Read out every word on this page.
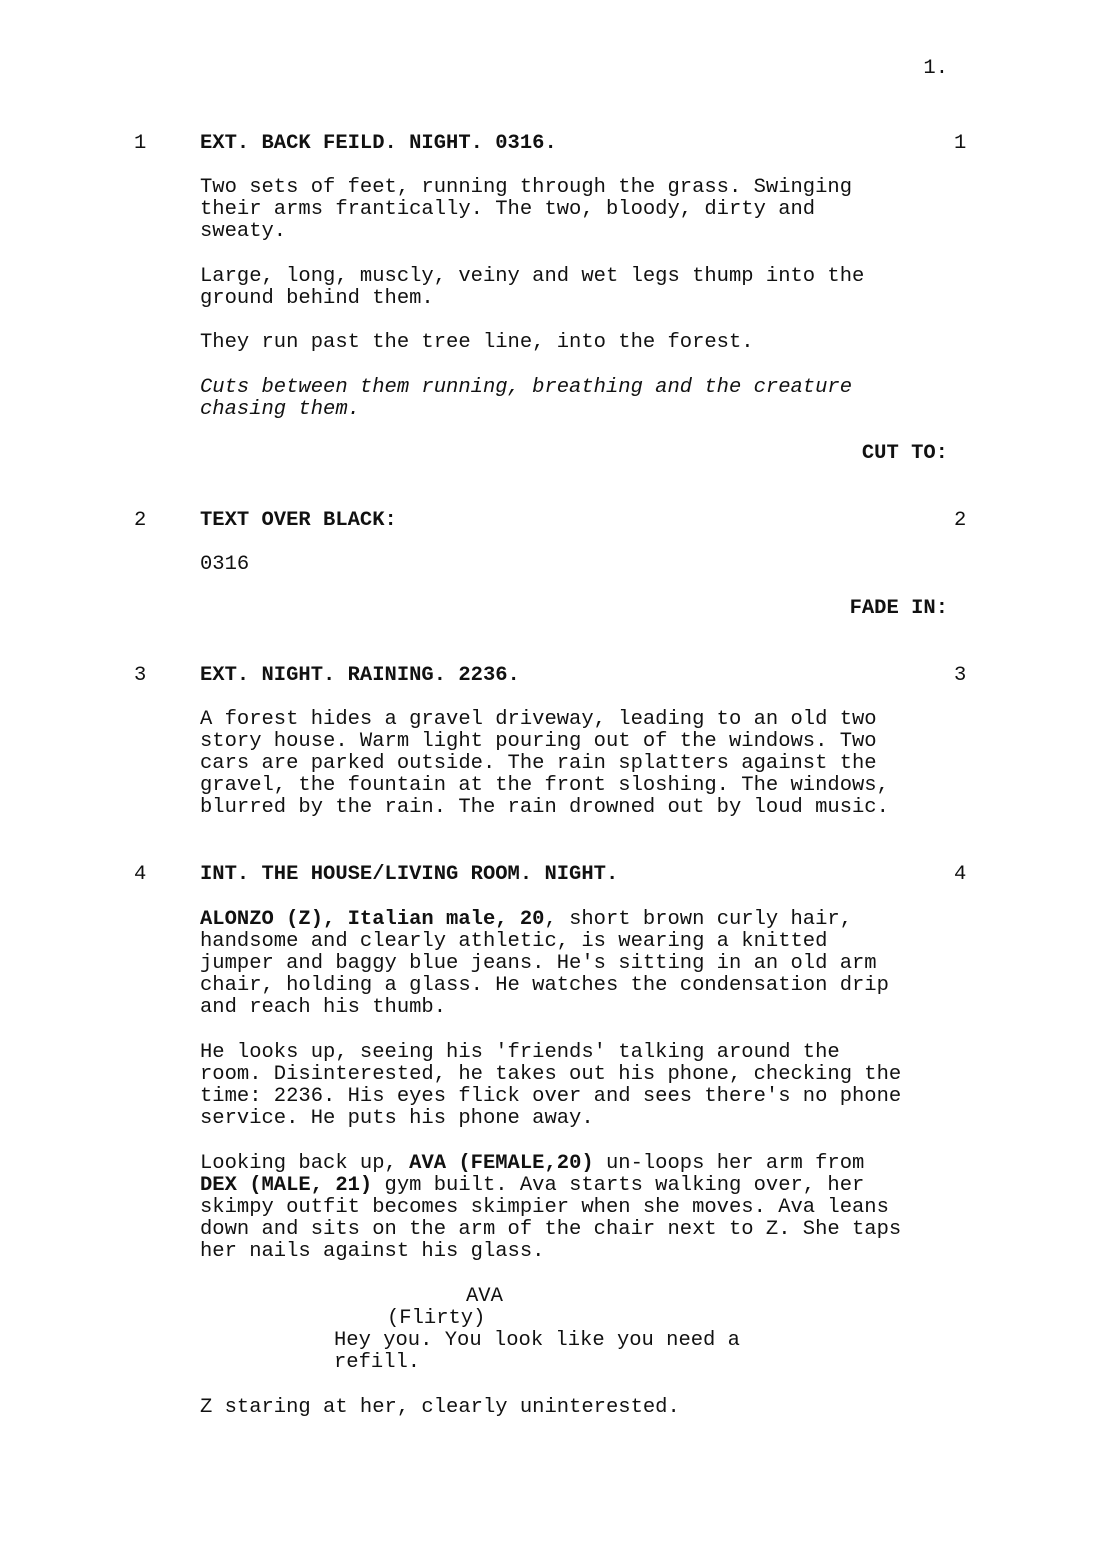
1.
1	EXT. BACK FEILD. NIGHT. 0316.	1
Two sets of feet, running through the grass. Swinging
their arms frantically. The two, bloody, dirty and
sweaty.
Large, long, muscly, veiny and wet legs thump into the
ground behind them.
They run past the tree line, into the forest.
Cuts between them running, breathing and the creature
chasing them.
CUT TO:
2	TEXT OVER BLACK:	2
0316
FADE IN:
3	EXT. NIGHT. RAINING. 2236.	3
A forest hides a gravel driveway, leading to an old two
story house. Warm light pouring out of the windows. Two
cars are parked outside. The rain splatters against the
gravel, the fountain at the front sloshing. The windows,
blurred by the rain. The rain drowned out by loud music.
4	INT. THE HOUSE/LIVING ROOM. NIGHT.	4
ALONZO (Z), Italian male, 20, short brown curly hair,
handsome and clearly athletic, is wearing a knitted
jumper and baggy blue jeans. He's sitting in an old arm
chair, holding a glass. He watches the condensation drip
and reach his thumb.
He looks up, seeing his 'friends' talking around the
room. Disinterested, he takes out his phone, checking the
time: 2236. His eyes flick over and sees there's no phone
service. He puts his phone away.
Looking back up, AVA (FEMALE,20) un-loops her arm from
DEX (MALE, 21) gym built. Ava starts walking over, her
skimpy outfit becomes skimpier when she moves. Ava leans
down and sits on the arm of the chair next to Z. She taps
her nails against his glass.
AVA
(Flirty)
Hey you. You look like you need a
refill.
Z staring at her, clearly uninterested.
